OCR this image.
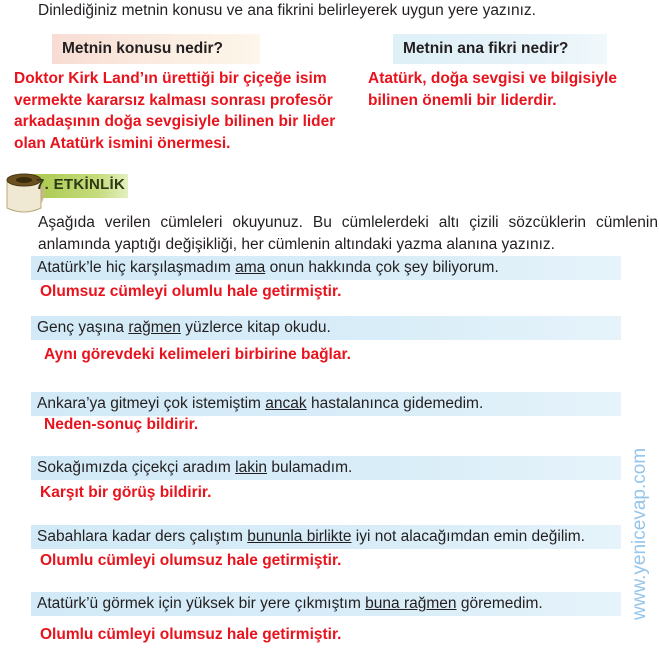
Dinlediğiniz metnin konusu ve ana fikrini belirleyerek uygun yere yazınız.
Metnin konusu nedir?	Metnin ana fikri nedir?
Doktor Kirk Land’ın ürettiği bir çiçeğe isim vermekte kararsız kalması sonrası profesör arkadaşının doğa sevgisiyle bilinen bir lider olan Atatürk ismini önermesi.
Atatürk, doğa sevgisi ve bilgisiyle bilinen önemli bir liderdir.
7. ETKİNLİK
Aşağıda verilen cümleleri okuyunuz. Bu cümlelerdeki altı çizili sözcüklerin cümlenin anlamında yaptığı değişikliği, her cümlenin altındaki yazma alanına yazınız.
Atatürk’le hiç karşılaşmadım ama onun hakkında çok şey biliyorum.
Olumsuz cümleyi olumlu hale getirmiştir.
Genç yaşına rağmen yüzlerce kitap okudu.
Aynı görevdeki kelimeleri birbirine bağlar.
Ankara’ya gitmeyi çok istemiştim ancak hastalanınca gidemedim.
Neden-sonuç bildirir.
Sokağımızda çiçekçi aradım lakin bulamadım.
Karşıt bir görüş bildirir.
Sabahlara kadar ders çalıştım bununla birlikte iyi not alacağımdan emin değilim.
Olumlu cümleyi olumsuz hale getirmiştir.
Atatürk’ü görmek için yüksek bir yere çıkmıştım buna rağmen göremedim.
Olumlu cümleyi olumsuz hale getirmiştir.
www.yenicevap.com
